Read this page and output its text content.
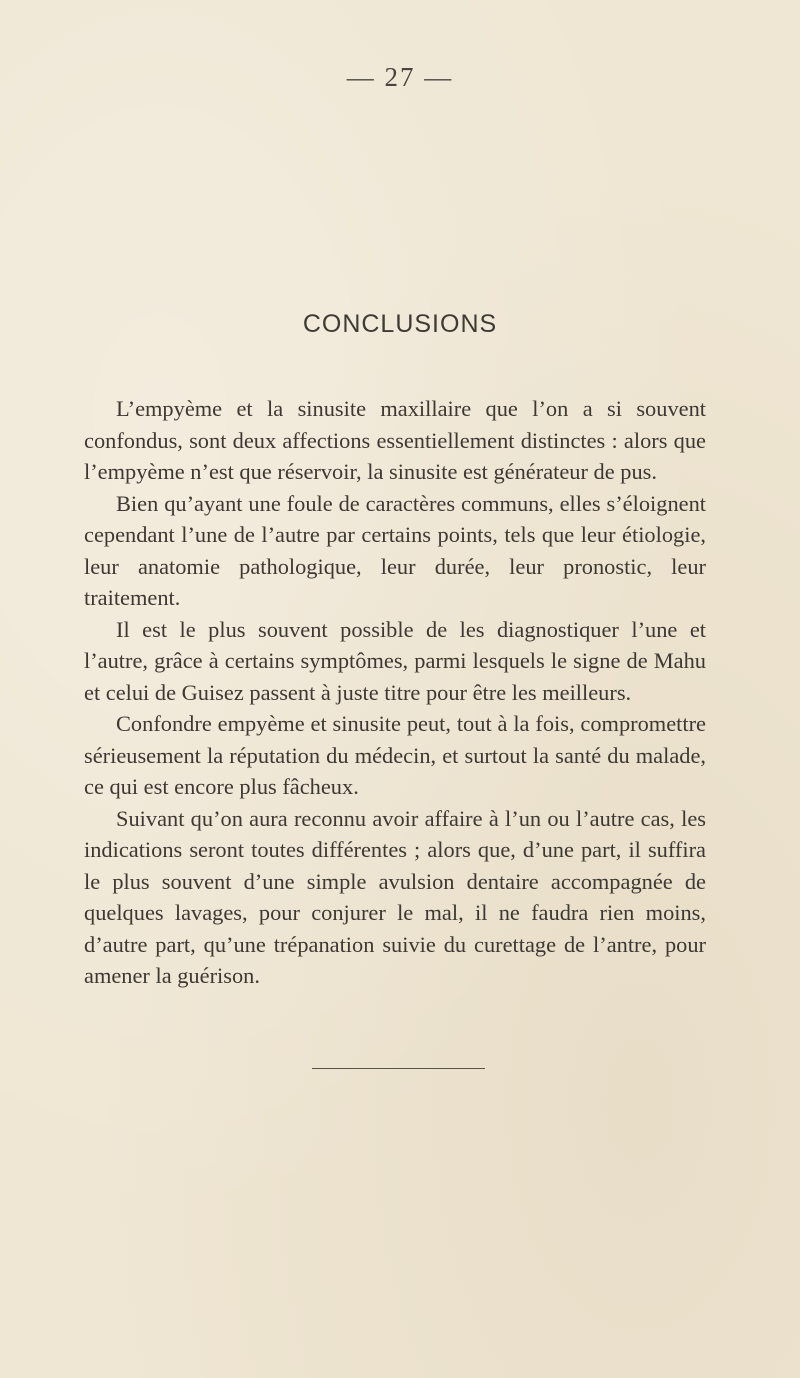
— 27 —
CONCLUSIONS

L’empyème et la sinusite maxillaire que l’on a si souvent confondus, sont deux affections essentiellement distinctes : alors que l’empyème n’est que réservoir, la sinusite est générateur de pus.

Bien qu’ayant une foule de caractères communs, elles s’éloignent cependant l’une de l’autre par certains points, tels que leur étiologie, leur anatomie pathologique, leur durée, leur pronostic, leur traitement.

Il est le plus souvent possible de les diagnostiquer l’une et l’autre, grâce à certains symptômes, parmi lesquels le signe de Mahu et celui de Guisez passent à juste titre pour être les meilleurs.

Confondre empyème et sinusite peut, tout à la fois, compromettre sérieusement la réputation du médecin, et surtout la santé du malade, ce qui est encore plus fâcheux.

Suivant qu’on aura reconnu avoir affaire à l’un ou l’autre cas, les indications seront toutes différentes ; alors que, d’une part, il suffira le plus souvent d’une simple avulsion dentaire accompagnée de quelques lavages, pour conjurer le mal, il ne faudra rien moins, d’autre part, qu’une trépanation suivie du curettage de l’antre, pour amener la guérison.
